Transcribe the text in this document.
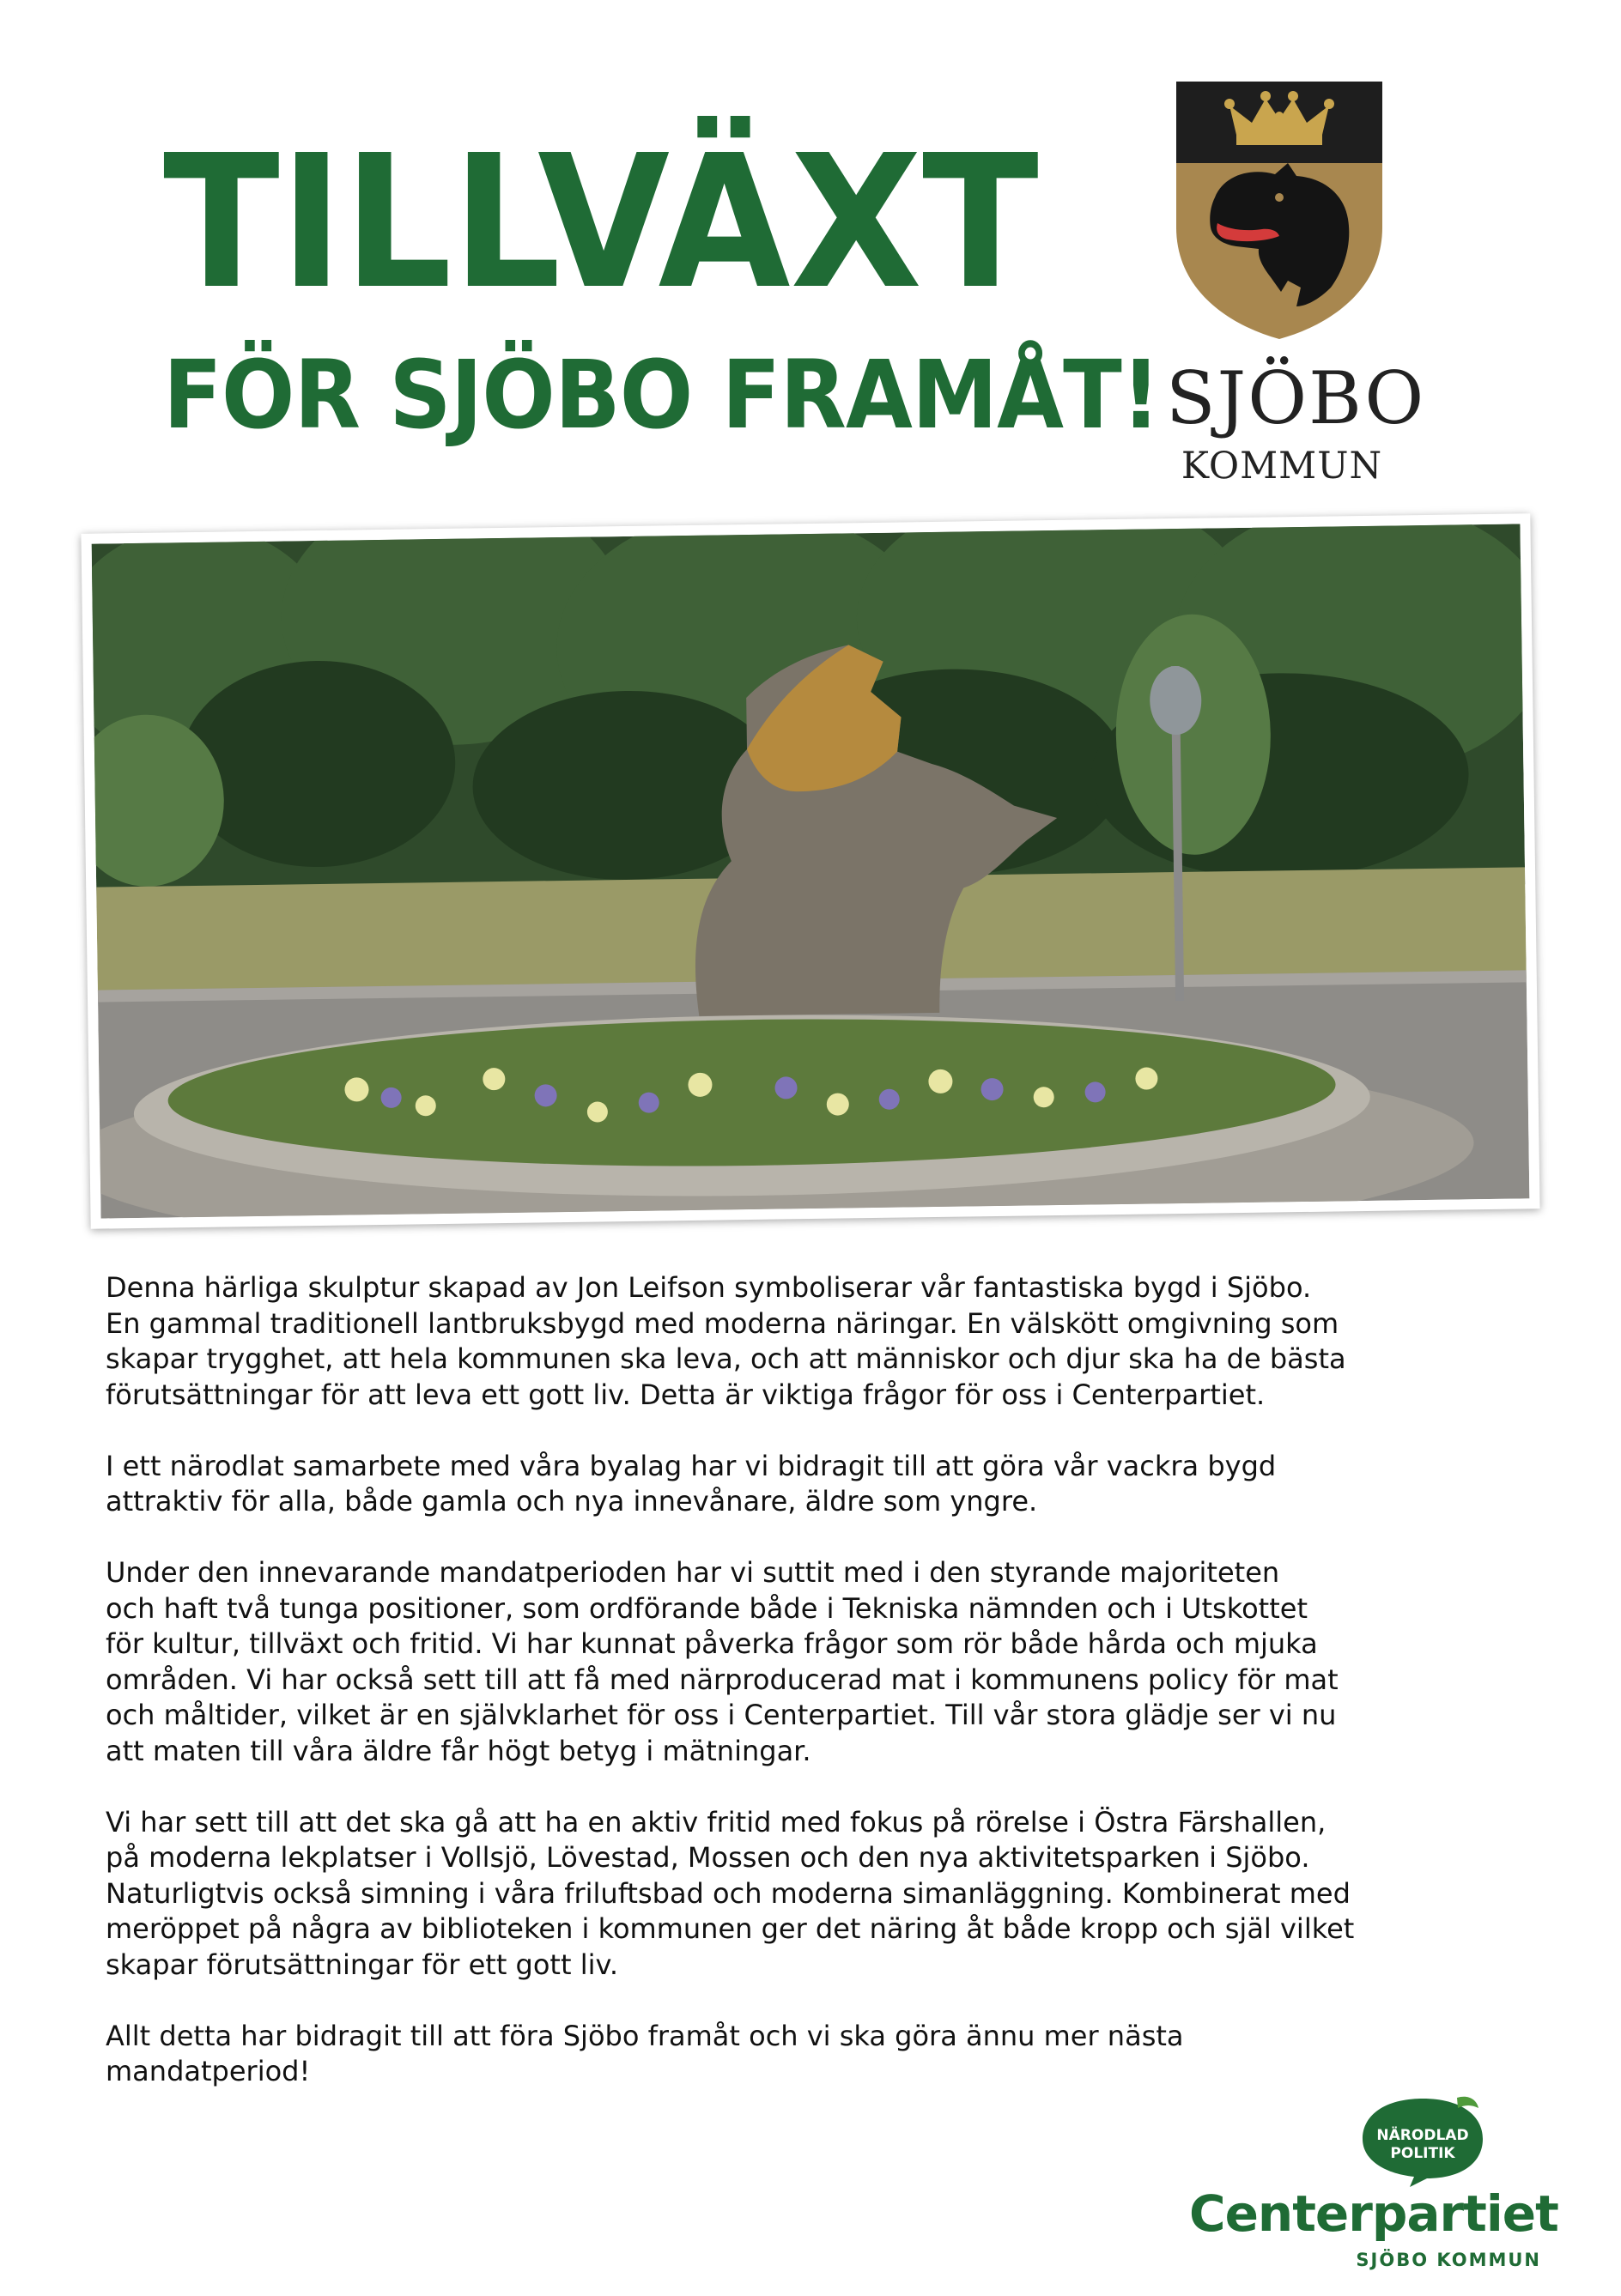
TILLVÄXT
FÖR SJÖBO FRAMÅT! SJÖBO
KOMMUN

Denna härliga skulptur skapad av Jon Leifson symboliserar vår fantastiska bygd i Sjöbo.
En gammal traditionell lantbruksbygd med moderna näringar. En välskött omgivning som
skapar trygghet, att hela kommunen ska leva, och att människor och djur ska ha de bästa
förutsättningar för att leva ett gott liv. Detta är viktiga frågor för oss i Centerpartiet.

I ett närodlat samarbete med våra byalag har vi bidragit till att göra vår vackra bygd
attraktiv för alla, både gamla och nya innevånare, äldre som yngre.

Under den innevarande mandatperioden har vi suttit med i den styrande majoriteten
och haft två tunga positioner, som ordförande både i Tekniska nämnden och i Utskottet
för kultur, tillväxt och fritid. Vi har kunnat påverka frågor som rör både hårda och mjuka
områden. Vi har också sett till att få med närproducerad mat i kommunens policy för mat
och måltider, vilket är en självklarhet för oss i Centerpartiet. Till vår stora glädje ser vi nu
att maten till våra äldre får högt betyg i mätningar.

Vi har sett till att det ska gå att ha en aktiv fritid med fokus på rörelse i Östra Färshallen,
på moderna lekplatser i Vollsjö, Lövestad, Mossen och den nya aktivitetsparken i Sjöbo.
Naturligtvis också simning i våra friluftsbad och moderna simanläggning. Kombinerat med
meröppet på några av biblioteken i kommunen ger det näring åt både kropp och själ vilket
skapar förutsättningar för ett gott liv.

Allt detta har bidragit till att föra Sjöbo framåt och vi ska göra ännu mer nästa
mandatperiod!

NÄRODLAD
POLITIK
Centerpartiet
SJÖBO KOMMUN
